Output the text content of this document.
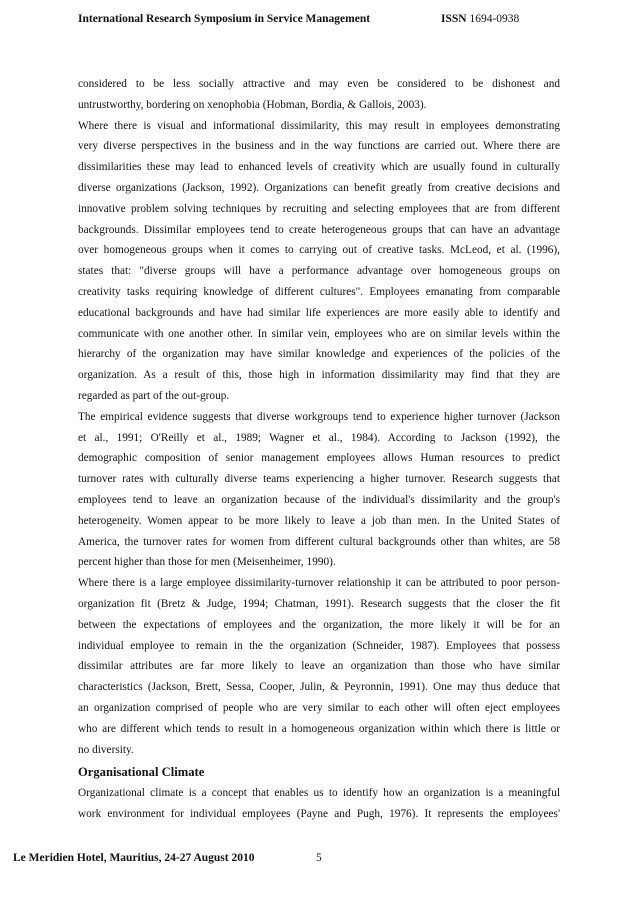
International Research Symposium in Service Management	ISSN 1694-0938
considered to be less socially attractive and may even be considered to be dishonest and
untrustworthy, bordering on xenophobia (Hobman, Bordia, & Gallois, 2003).
Where there is visual and informational dissimilarity, this may result in employees demonstrating
very diverse perspectives in the business and in the way functions are carried out. Where there are
dissimilarities these may lead to enhanced levels of creativity which are usually found in culturally
diverse organizations (Jackson, 1992). Organizations can benefit greatly from creative decisions and
innovative problem solving techniques by recruiting and selecting employees that are from different
backgrounds. Dissimilar employees tend to create heterogeneous groups that can have an advantage
over homogeneous groups when it comes to carrying out of creative tasks. McLeod, et al. (1996),
states that: "diverse groups will have a performance advantage over homogeneous groups on
creativity tasks requiring knowledge of different cultures". Employees emanating from comparable
educational backgrounds and have had similar life experiences are more easily able to identify and
communicate with one another other. In similar vein, employees who are on similar levels within the
hierarchy of the organization may have similar knowledge and experiences of the policies of the
organization. As a result of this, those high in information dissimilarity may find that they are
regarded as part of the out-group.
The empirical evidence suggests that diverse workgroups tend to experience higher turnover (Jackson
et al., 1991; O'Reilly et al., 1989; Wagner et al., 1984). According to Jackson (1992), the
demographic composition of senior management employees allows Human resources to predict
turnover rates with culturally diverse teams experiencing a higher turnover. Research suggests that
employees tend to leave an organization because of the individual's dissimilarity and the group's
heterogeneity. Women appear to be more likely to leave a job than men. In the United States of
America, the turnover rates for women from different cultural backgrounds other than whites, are 58
percent higher than those for men (Meisenheimer, 1990).
Where there is a large employee dissimilarity-turnover relationship it can be attributed to poor person-
organization fit (Bretz & Judge, 1994; Chatman, 1991). Research suggests that the closer the fit
between the expectations of employees and the organization, the more likely it will be for an
individual employee to remain in the the organization (Schneider, 1987). Employees that possess
dissimilar attributes are far more likely to leave an organization than those who have similar
characteristics (Jackson, Brett, Sessa, Cooper, Julin, & Peyronnin, 1991). One may thus deduce that
an organization comprised of people who are very similar to each other will often eject employees
who are different which tends to result in a homogeneous organization within which there is little or
no diversity.
Organisational Climate
Organizational climate is a concept that enables us to identify how an organization is a meaningful
work environment for individual employees (Payne and Pugh, 1976). It represents the employees'
Le Meridien Hotel, Mauritius, 24-27 August 2010	5
